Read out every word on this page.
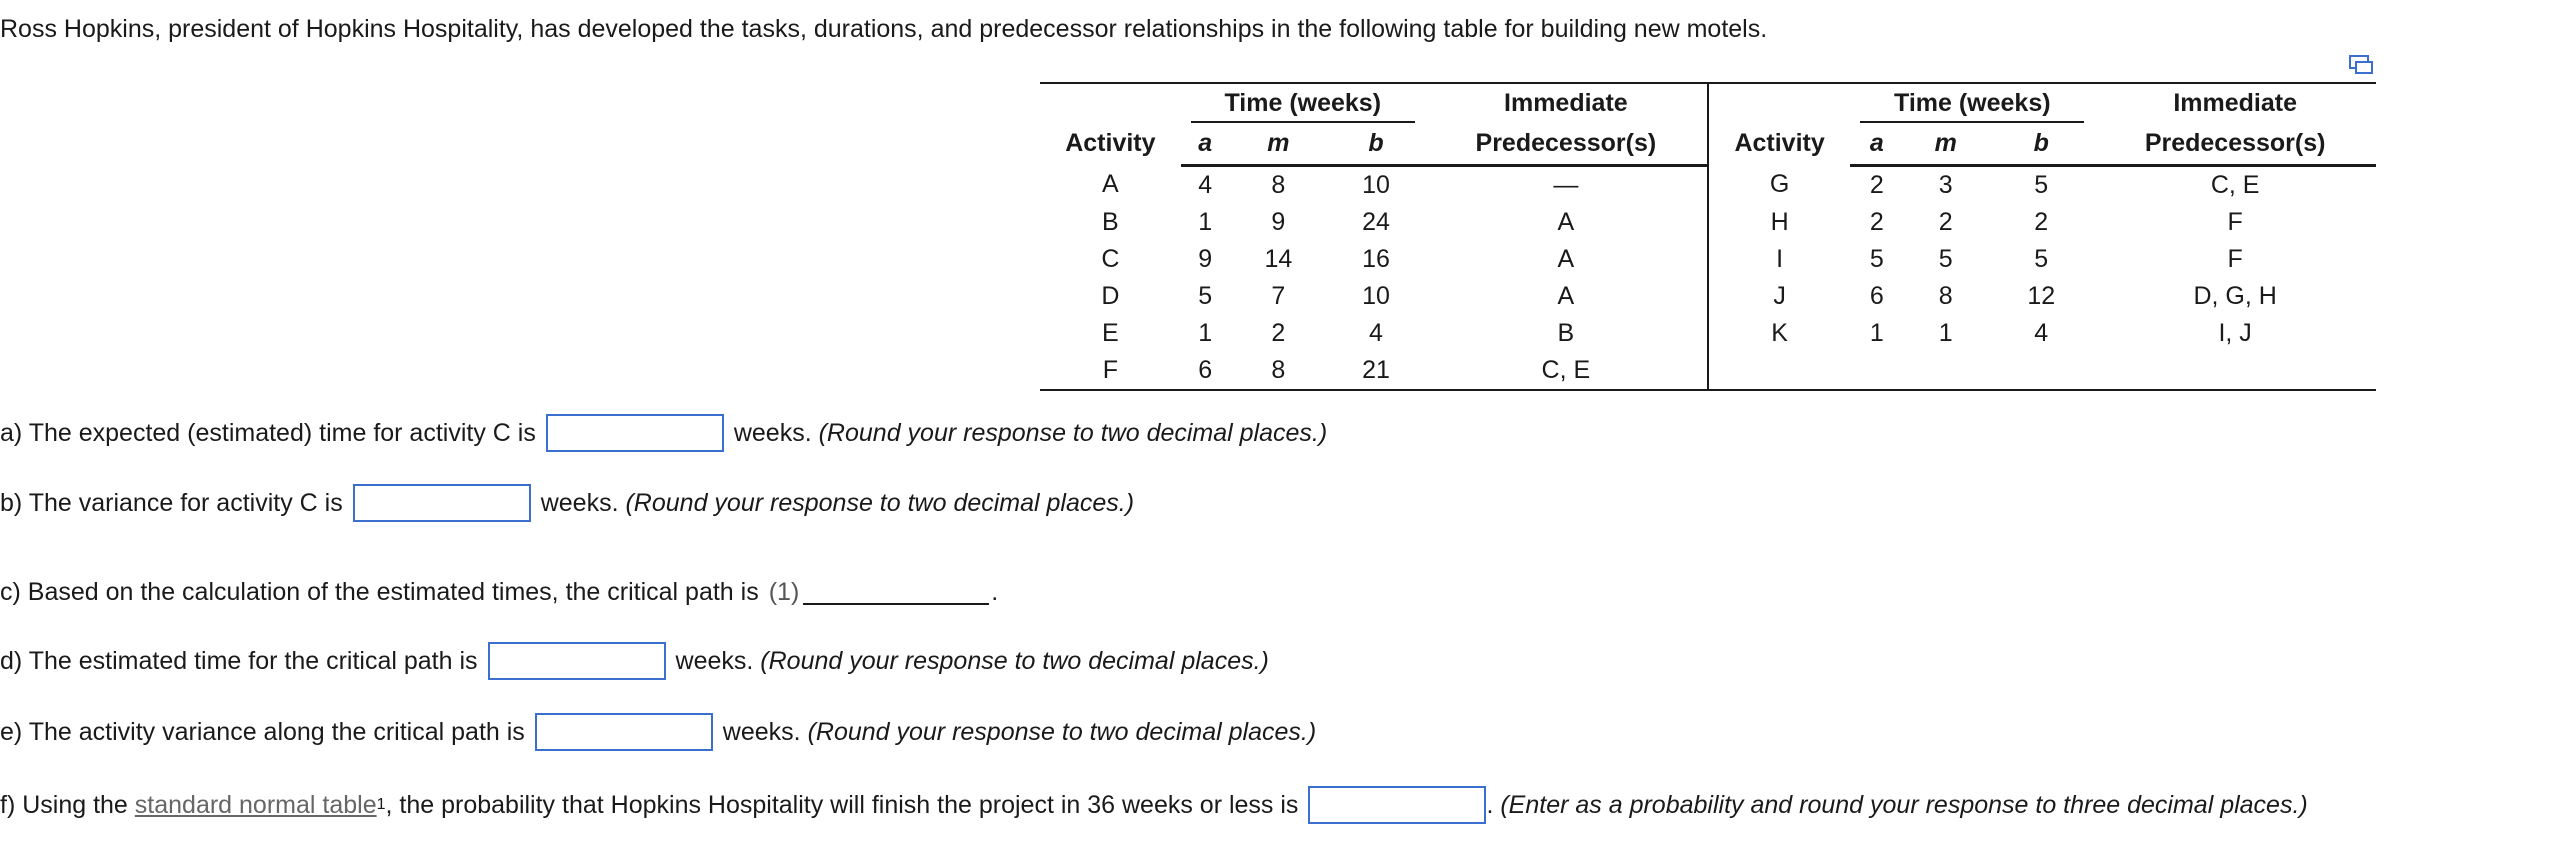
Ross Hopkins, president of Hopkins Hospitality, has developed the tasks, durations, and predecessor relationships in the following table for building new motels.
Activity	Time (weeks)			Immediate	Activity	Time (weeks)			Immediate
	a	m	b	Predecessor(s)		a	m	b	Predecessor(s)
A	4	8	10	—	G	2	3	5	C, E
B	1	9	24	A	H	2	2	2	F
C	9	14	16	A	I	5	5	5	F
D	5	7	10	A	J	6	8	12	D, G, H
E	1	2	4	B	K	1	1	4	I, J
F	6	8	21	C, E					
a) The expected (estimated) time for activity C is	weeks.
(Round your response to two decimal places.)
b) The variance for activity C is	weeks.
(Round your response to two decimal places.)
c) Based on the calculation of the estimated times, the critical path is (1)	.
d) The estimated time for the critical path is	weeks.
(Round your response to two decimal places.)
e) The activity variance along the critical path is	weeks.
(Round your response to two decimal places.)
f) Using the
standard normal table 1 , the probability that Hopkins Hospitality will finish the project in 36 weeks or less is	.
(Enter as a probability and round your response to three decimal places.)
